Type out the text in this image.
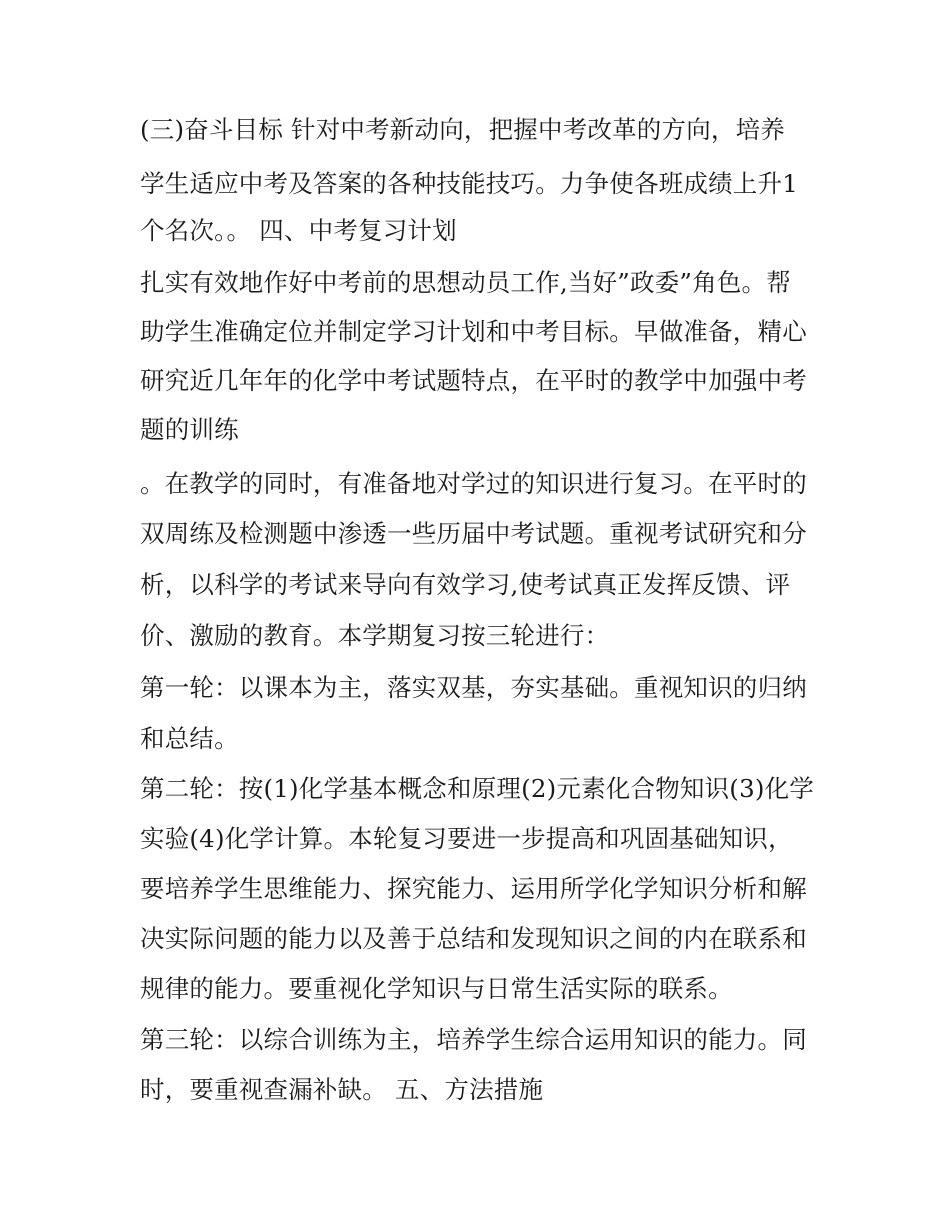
(三)奋斗目标 针对中考新动向，把握中考改革的方向，培养
学生适应中考及答案的各种技能技巧。力争使各班成绩上升1
个名次。。 四、中考复习计划
扎实有效地作好中考前的思想动员工作,当好”政委”角色。帮
助学生准确定位并制定学习计划和中考目标。早做准备，精心
研究近几年年的化学中考试题特点，在平时的教学中加强中考
题的训练
。在教学的同时，有准备地对学过的知识进行复习。在平时的
双周练及检测题中渗透一些历届中考试题。重视考试研究和分
析，以科学的考试来导向有效学习,使考试真正发挥反馈、评
价、激励的教育。本学期复习按三轮进行：
第一轮：以课本为主，落实双基，夯实基础。重视知识的归纳
和总结。
第二轮：按(1)化学基本概念和原理(2)元素化合物知识(3)化学
实验(4)化学计算。本轮复习要进一步提高和巩固基础知识，
要培养学生思维能力、探究能力、运用所学化学知识分析和解
决实际问题的能力以及善于总结和发现知识之间的内在联系和
规律的能力。要重视化学知识与日常生活实际的联系。
第三轮：以综合训练为主，培养学生综合运用知识的能力。同
时，要重视查漏补缺。 五、方法措施
